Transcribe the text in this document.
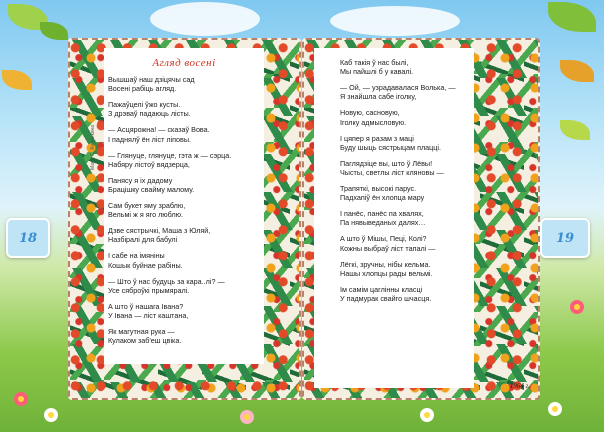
18	19
Агляд восені
Маст. С. Калинкина
Вышшаў наш дзіцячы сад
Восені рабіць агляд.
Пажаўцелі ўжо кусты.
З дрэваў падаюць лісты.
— Асцярожна! — сказаў Вова.
І паднялў ён ліст ліповы.
— Глянуце, глянуце, гэта ж — сэрца.
Набяру лістоў вядзерца,
Панясу я іх дадому
Брацішку свайму малому.
Сам букет яму зраблю,
Вельмі ж я яго люблю.
Дзве сястрычкі, Маша з Юляй,
Назбіралі для бабулі
І сабе на імяніны
Кошык буйнае рабіны.
— Што ў нас будуць за кара..лі? —
Усе сяброўкі прымяралі.
А што ў нашага Івана?
У Івана — ліст каштана,
Як магутная рука —
Кулаком заб'еш цвіка.
Каб такія ў нас былі,
Мы пайшлі б у кавалі.
— Ой, — узрадавалася Волька, —
Я знайшла сабе іголку,
Новую, сасновую,
Іголку адмысловую.
І цяпер я разам з маці
Буду шыць сястрыцам плацці.
Паглядзіце вы, што ў Лёвы!
Чысты, светлы ліст кляновы —
Трапяткі, высокі парус.
Падхапіў ён хлопца мару
І панёс, панёс па хвалях,
Па нявыведаных далях…
А што ў Мішы, Пеці, Колі?
Кожны выбраў ліст тапалі —
Лёгкі, зручны, нібы кельма.
Нашы хлопцы рады вельмі.
Ім самім цаглінны класці
У падмурак свайго шчасця.
1964 г.
